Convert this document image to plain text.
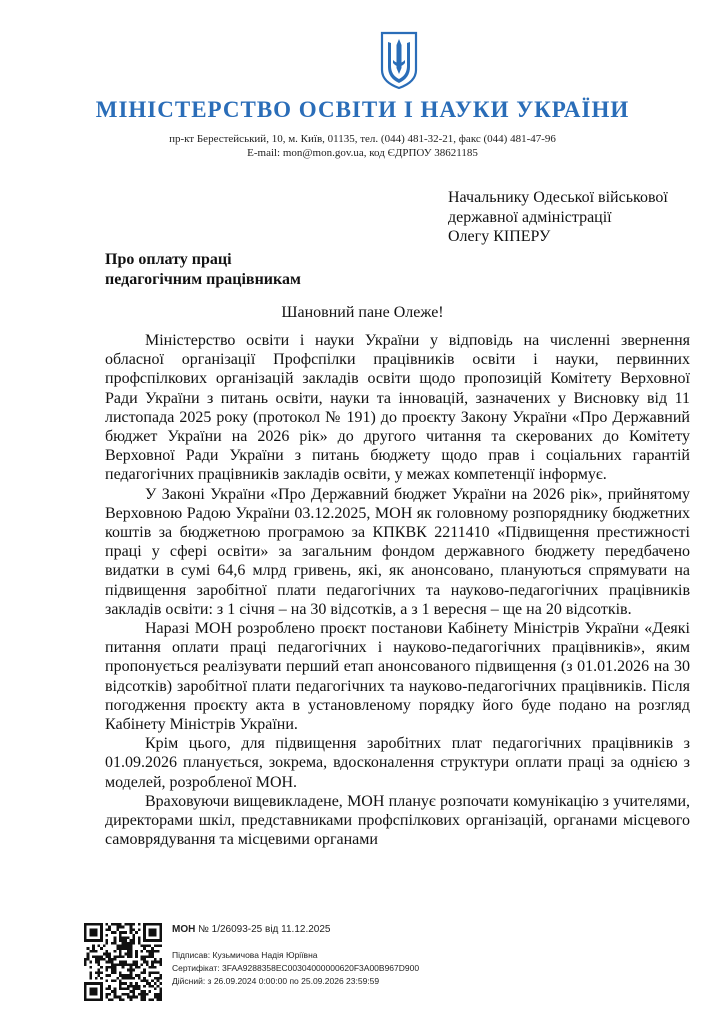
МІНІСТЕРСТВО ОСВІТИ І НАУКИ УКРАЇНИ
пр-кт Берестейський, 10, м. Київ, 01135, тел. (044) 481-32-21, факс (044) 481-47-96
E-mail: mon@mon.gov.ua, код ЄДРПОУ 38621185
Начальнику Одеської військової
державної адміністрації
Олегу КІПЕРУ
Про оплату праці
педагогічним працівникам
Шановний пане Олеже!

Міністерство освіти і науки України у відповідь на численні звернення обласної організації Профспілки працівників освіти і науки, первинних профспілкових організацій закладів освіти щодо пропозицій Комітету Верховної Ради України з питань освіти, науки та інновацій, зазначених у Висновку від 11 листопада 2025 року (протокол № 191) до проєкту Закону України «Про Державний бюджет України на 2026 рік» до другого читання та скерованих до Комітету Верховної Ради України з питань бюджету щодо прав і соціальних гарантій педагогічних працівників закладів освіти, у межах компетенції інформує.

У Законі України «Про Державний бюджет України на 2026 рік», прийнятому Верховною Радою України 03.12.2025, МОН як головному розпоряднику бюджетних коштів за бюджетною програмою за КПКВК 2211410 «Підвищення престижності праці у сфері освіти» за загальним фондом державного бюджету передбачено видатки в сумі 64,6 млрд гривень, які, як анонсовано, плануються спрямувати на підвищення заробітної плати педагогічних та науково-педагогічних працівників закладів освіти: з 1 січня – на 30 відсотків, а з 1 вересня – ще на 20 відсотків.

Наразі МОН розроблено проєкт постанови Кабінету Міністрів України «Деякі питання оплати праці педагогічних і науково-педагогічних працівників», яким пропонується реалізувати перший етап анонсованого підвищення (з 01.01.2026 на 30 відсотків) заробітної плати педагогічних та науково-педагогічних працівників. Після погодження проєкту акта в установленому порядку його буде подано на розгляд Кабінету Міністрів України.

Крім цього, для підвищення заробітних плат педагогічних працівників з 01.09.2026 планується, зокрема, вдосконалення структури оплати праці за однією з моделей, розробленої МОН.

Враховуючи вищевикладене, МОН планує розпочати комунікацію з учителями, директорами шкіл, представниками профспілкових організацій, органами місцевого самоврядування та місцевими органами

МОН № 1/26093-25 від 11.12.2025
Підписав: Кузьмичова Надія Юріївна
Сертифікат: 3FAA9288358EC00304000000620F3A00B967D900
Дійсний: з 26.09.2024 0:00:00 по 25.09.2026 23:59:59
